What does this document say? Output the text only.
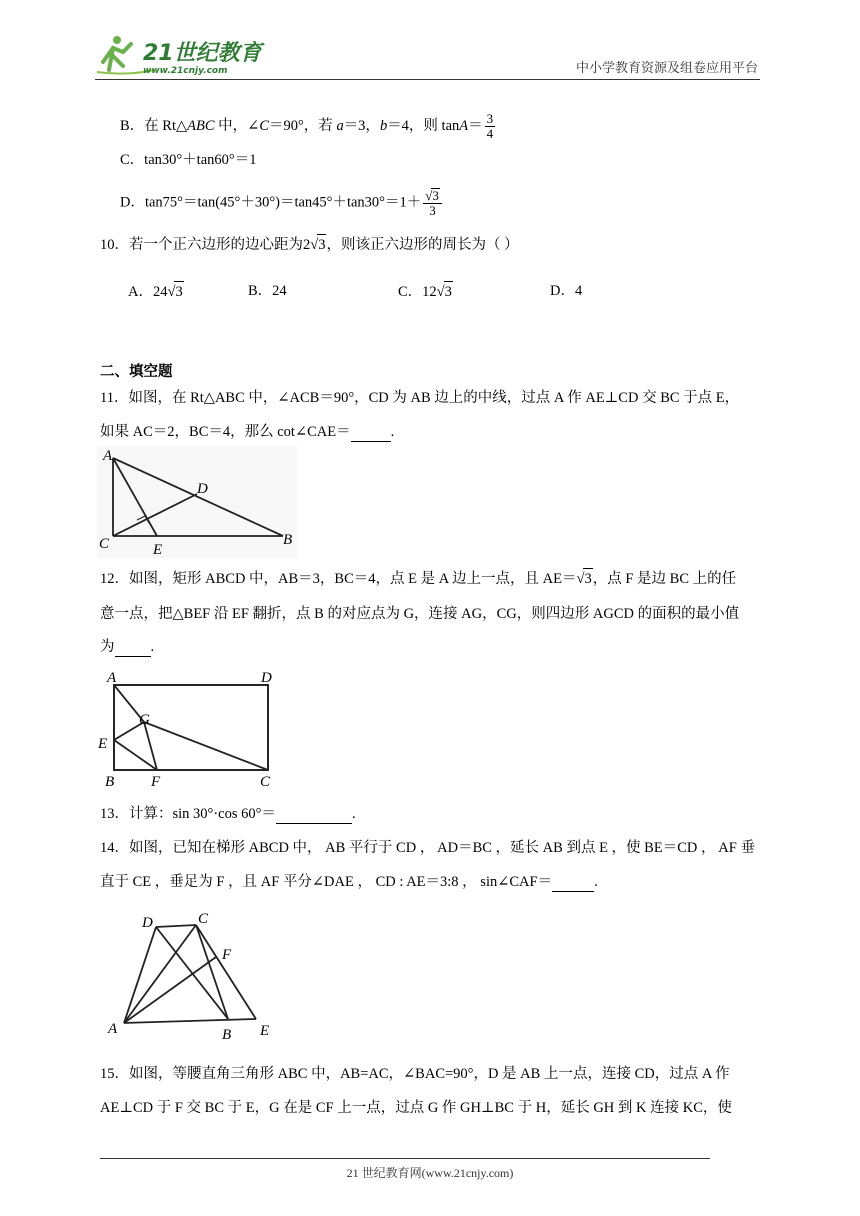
21世纪教育
www.21cnjy.com	中小学教育资源及组卷应用平台
B．在 Rt△ABC 中，∠C＝90°，若 a＝3，b＝4，则 $\tan A= \frac{3}{4}$
C．tan30°＋tan60°＝1
D．$\tan 75^\circ=\tan(45^\circ+30^\circ)=\tan 45^\circ+\tan 30^\circ=1+ \frac{√3}{3}$
10．若一个正六边形的边心距为2√3，则该正六边形的周长为（ ）
A．24√3	B．24	C．12√3	D．4
二、填空题
11．如图，在 Rt△ABC 中，∠ACB＝90°，CD 为 AB 边上的中线，过点 A 作 AE⊥CD 交 BC 于点 E，
如果 AC＝2，BC＝4，那么 cot∠CAE＝	.
A
D
C	E
B
12．如图，矩形 ABCD 中，AB＝3，BC＝4，点 E 是 A 边上一点，且 AE＝√3，点 F 是边 BC 上的任
意一点，把△BEF 沿 EF 翻折，点 B 的对应点为 G，连接 AG，CG，则四边形 AGCD 的面积的最小值
为 .
A	D
G
E
B F	C
13．计算：sin 30°·cos 60°＝	.
14．如图，已知在梯形 ABCD 中， AB 平行于 CD ， AD＝BC ，延长 AB 到点 E ，使 BE＝CD ， AF 垂
直于 CE ，垂足为 F ，且 AF 平分∠DAE ， CD : AE＝3:8 ， sin∠CAF＝	.
D	C
F
A	B E
15．如图，等腰直角三角形 ABC 中，AB=AC，∠BAC=90°，D 是 AB 上一点，连接 CD，过点 A 作
AE⊥CD 于 F 交 BC 于 E，G 在是 CF 上一点，过点 G 作 GH⊥BC 于 H，延长 GH 到 K 连接 KC，使
21 世纪教育网(www.21cnjy.com)
